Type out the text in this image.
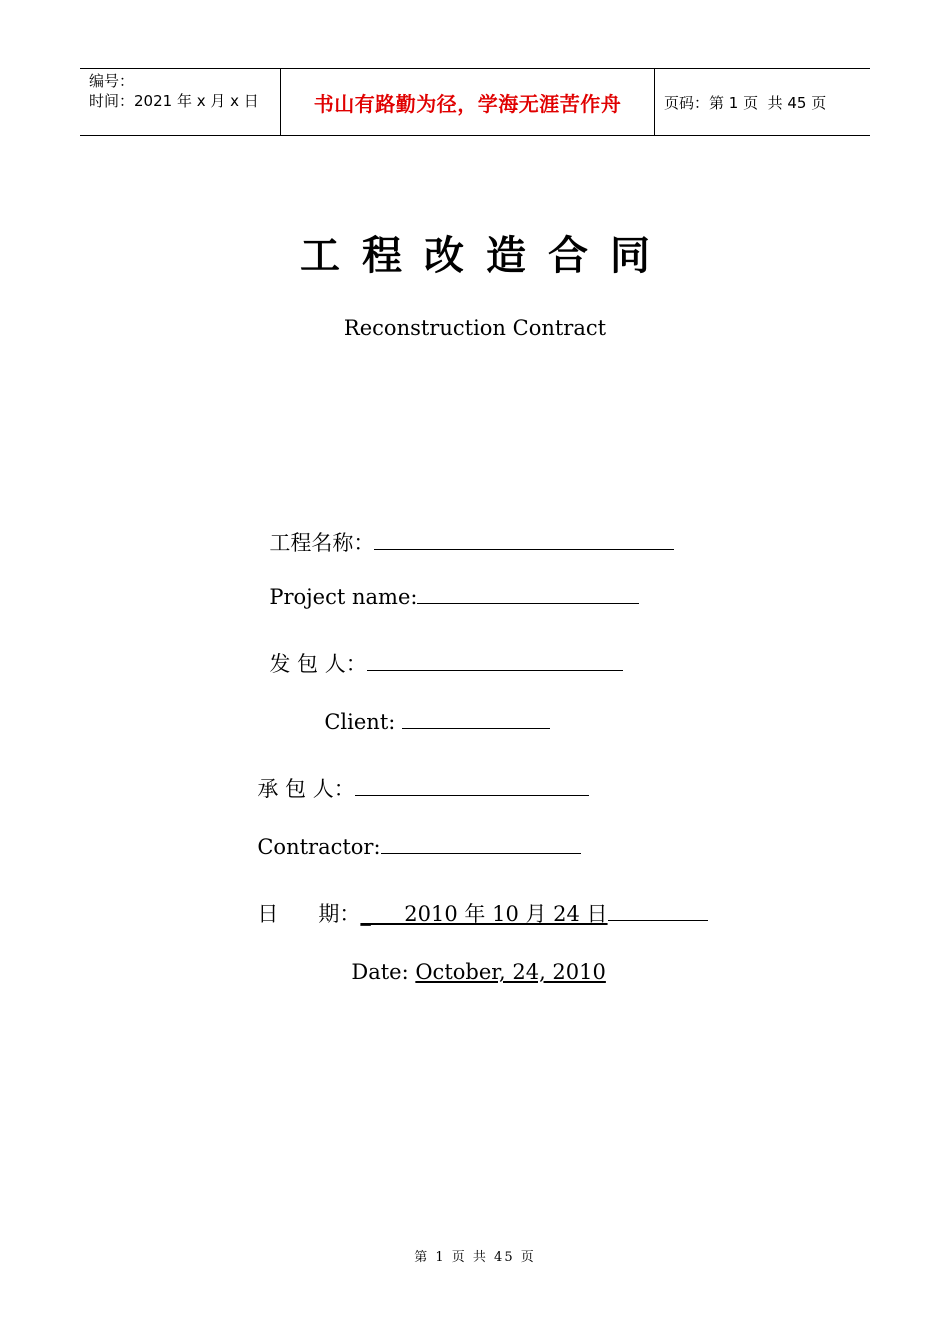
编号：
时间：2021 年 x 月 x 日	书山有路勤为径，学海无涯苦作舟	页码：第 1 页  共 45 页
工程改造合同
Reconstruction Contract

工程名称：

Project name:

发 包 人：

Client:

承 包 人：

Contractor:

日      期：_     2010 年 10 月 24 日

Date: October, 24, 2010

第 1 页 共 45 页
